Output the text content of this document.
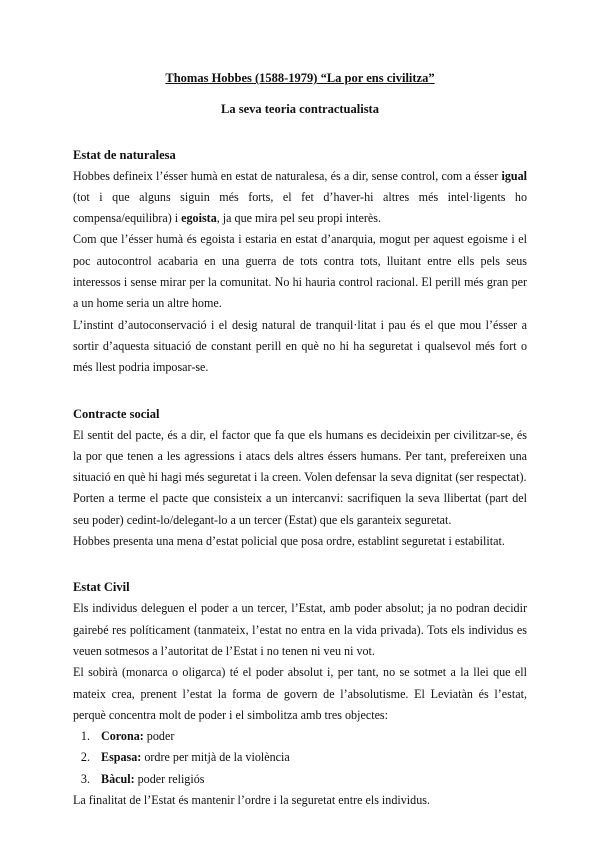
Thomas Hobbes (1588-1979) “La por ens civilitza”

La seva teoria contractualista

Estat de naturalesa

Hobbes defineix l’ésser humà en estat de naturalesa, és a dir, sense control, com a ésser igual (tot i que alguns siguin més forts, el fet d’haver-hi altres més intel·ligents ho compensa/equilibra) i egoista, ja que mira pel seu propi interès.

Com que l’ésser humà és egoista i estaria en estat d’anarquia, mogut per aquest egoisme i el poc autocontrol acabaria en una guerra de tots contra tots, lluitant entre ells pels seus interessos i sense mirar per la comunitat. No hi hauria control racional. El perill més gran per a un home seria un altre home.

L’instint d’autoconservació i el desig natural de tranquil·litat i pau és el que mou l’ésser a sortir d’aquesta situació de constant perill en què no hi ha seguretat i qualsevol més fort o més llest podria imposar-se.

Contracte social

El sentit del pacte, és a dir, el factor que fa que els humans es decideixin per civilitzar-se, és la por que tenen a les agressions i atacs dels altres éssers humans. Per tant, prefereixen una situació en què hi hagi més seguretat i la creen. Volen defensar la seva dignitat (ser respectat).

Porten a terme el pacte que consisteix a un intercanvi: sacrifiquen la seva llibertat (part del seu poder) cedint-lo/delegant-lo a un tercer (Estat) que els garanteix seguretat.

Hobbes presenta una mena d’estat policial que posa ordre, establint seguretat i estabilitat.

Estat Civil

Els individus deleguen el poder a un tercer, l’Estat, amb poder absolut; ja no podran decidir gairebé res políticament (tanmateix, l’estat no entra en la vida privada). Tots els individus es veuen sotmesos a l’autoritat de l’Estat i no tenen ni veu ni vot.

El sobirà (monarca o oligarca) té el poder absolut i, per tant, no se sotmet a la llei que ell mateix crea, prenent l’estat la forma de govern de l’absolutisme. El Leviatàn és l’estat, perquè concentra molt de poder i el simbolitza amb tres objectes:

1. Corona: poder
2. Espasa: ordre per mitjà de la violència
3. Bàcul: poder religiós

La finalitat de l’Estat és mantenir l’ordre i la seguretat entre els individus.
